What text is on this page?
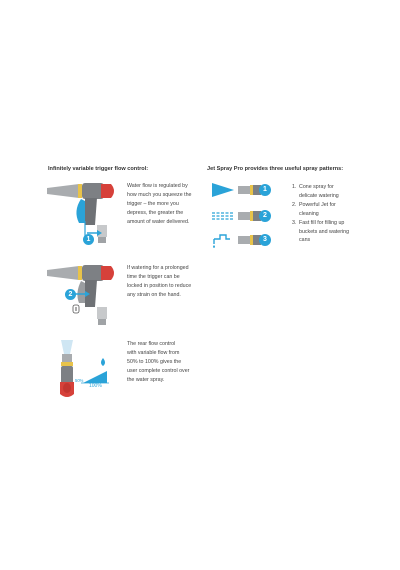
Infinitely variable trigger flow control:	Jet Spray Pro provides three useful spray patterns:
1
Water flow is regulated by
how much you squeeze the
trigger – the more you
depress, the greater the
amount of water delivered.
2
If watering for a prolonged
time the trigger can be
locked in position to reduce
any strain on the hand.
50%
100%
The rear flow control
with variable flow from
50% to 100% gives the
user complete control over
the water spray.
1
2
3
1. Cone spray for
delicate watering
2. Powerful Jet for
cleaning
3. Fast fill for filling up
buckets and watering
cans
